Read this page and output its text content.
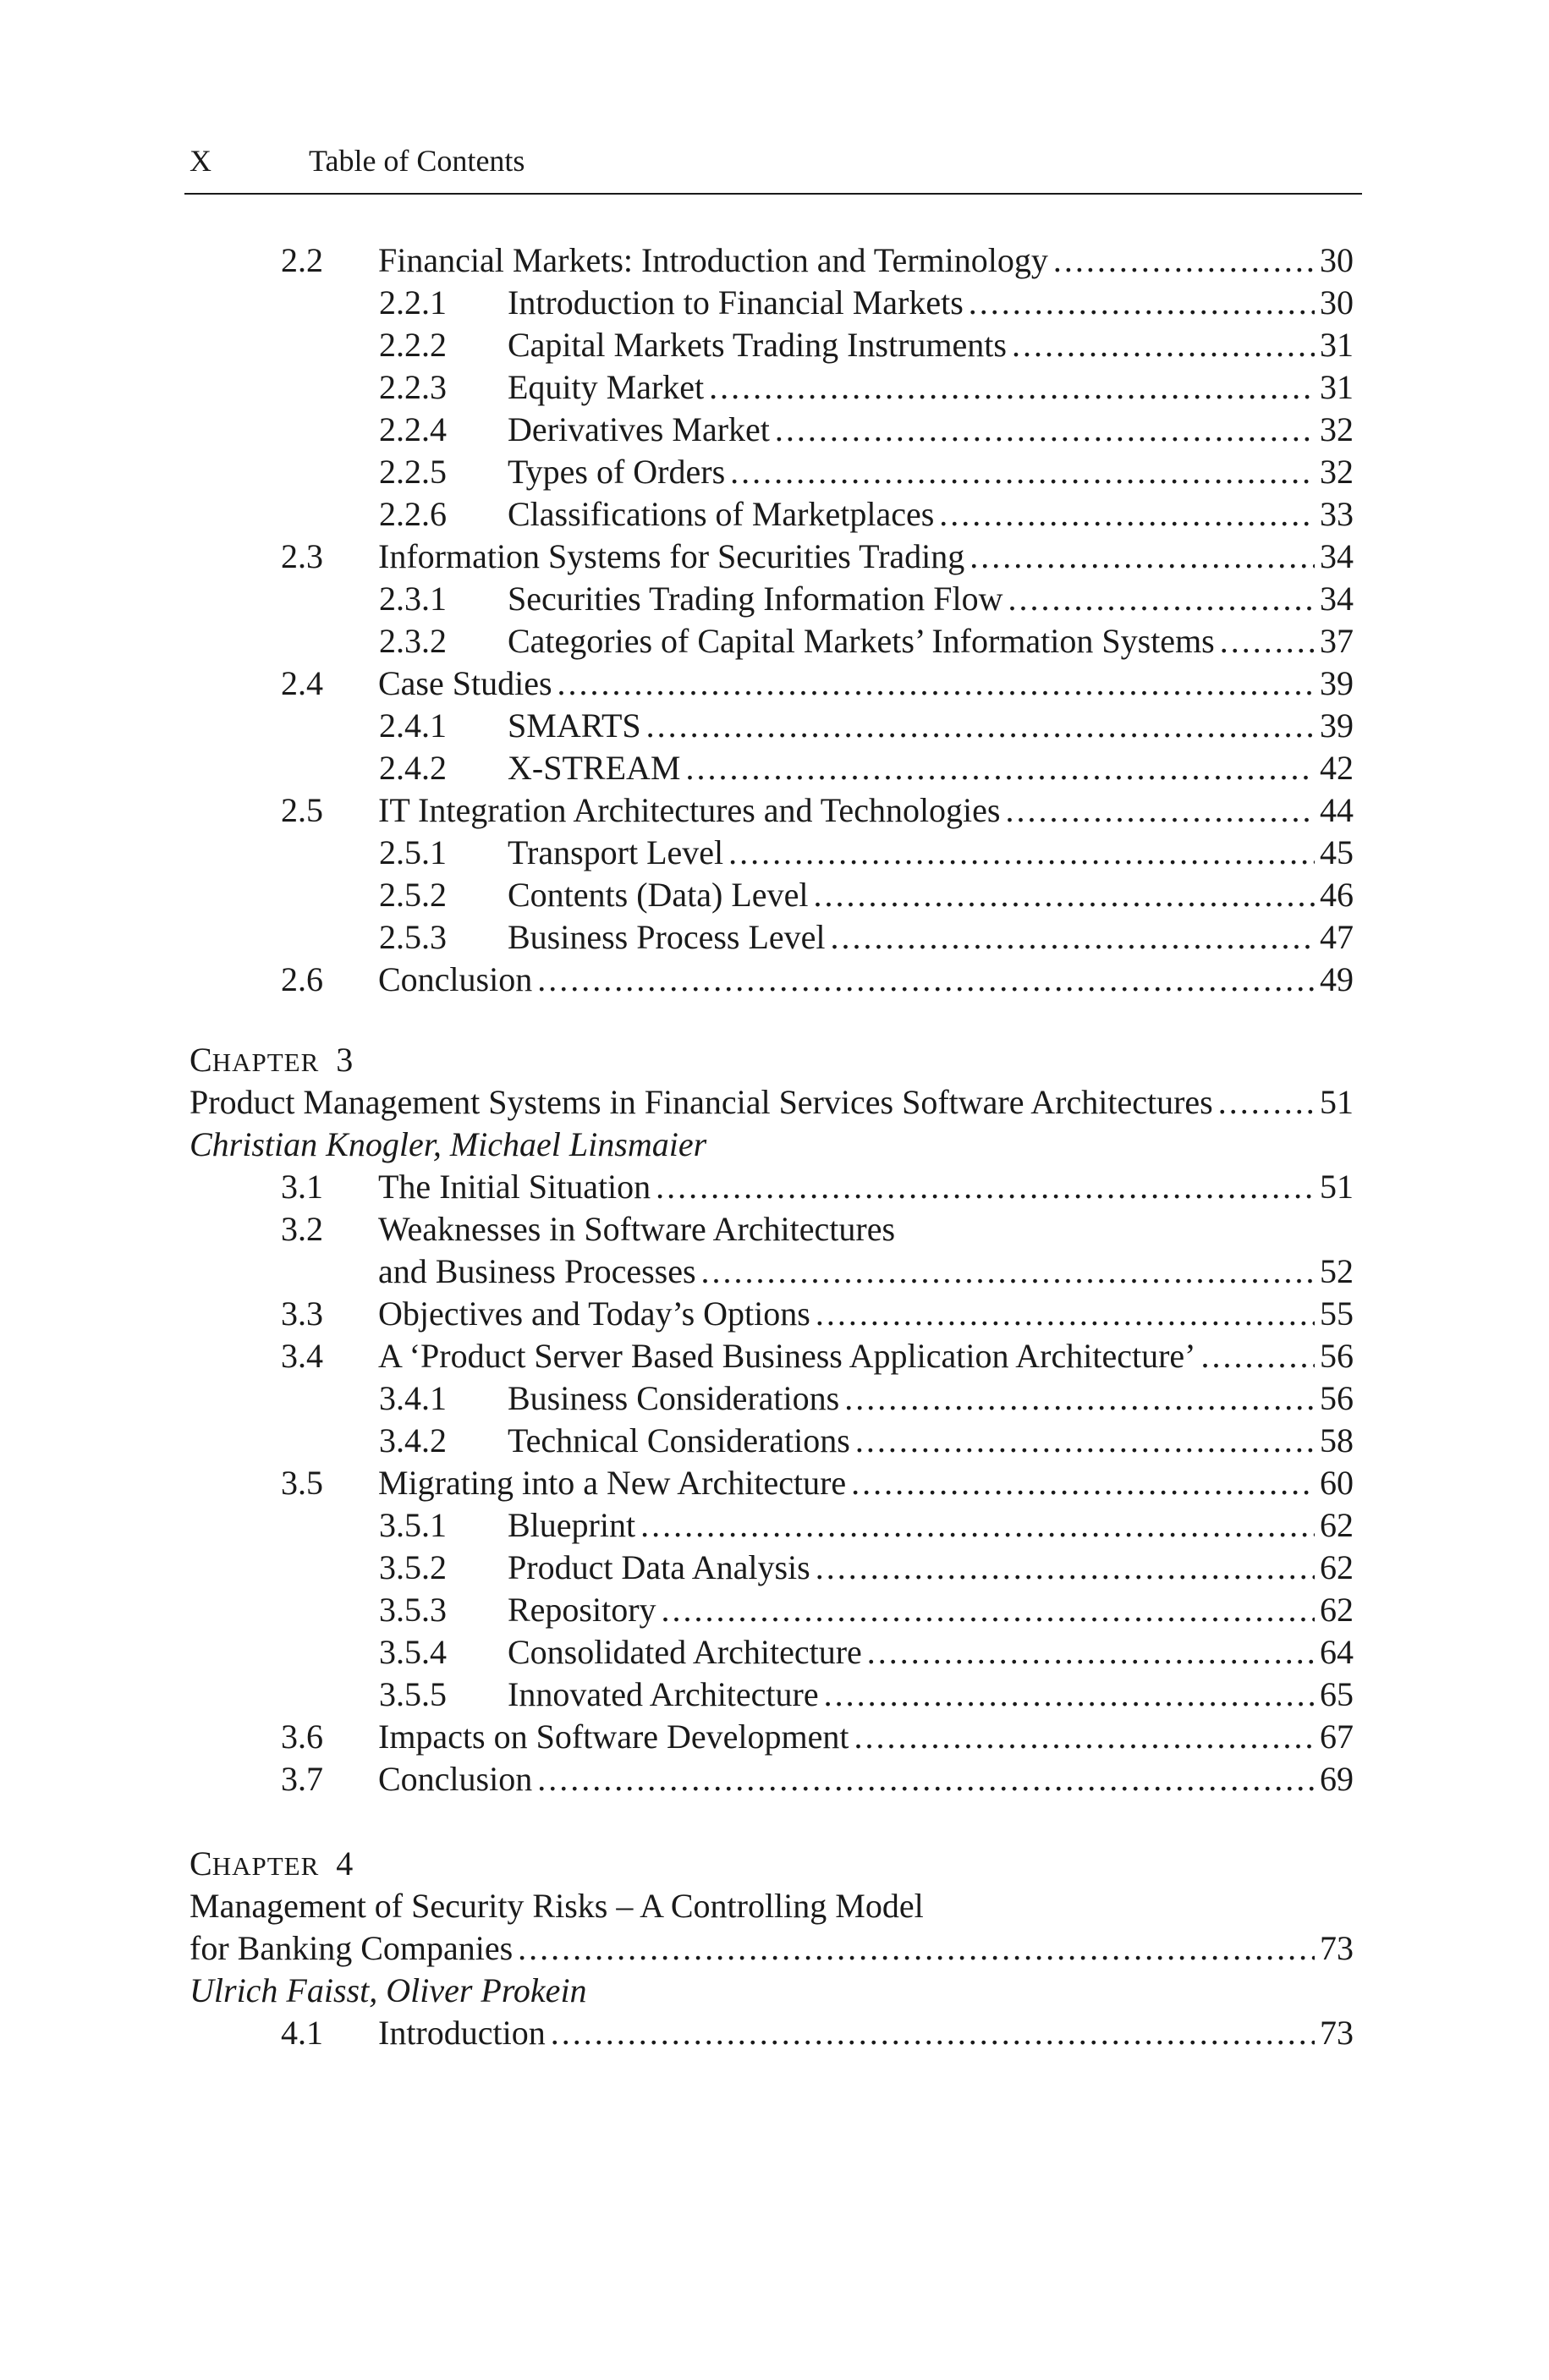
X	Table of Contents
2.2 Financial Markets: Introduction and Terminology .....	30
2.2.1 Introduction to Financial Markets .....	30
2.2.2 Capital Markets Trading Instruments .....	31
2.2.3 Equity Market .....	31
2.2.4 Derivatives Market .....	32
2.2.5 Types of Orders .....	32
2.2.6 Classifications of Marketplaces .....	33
2.3 Information Systems for Securities Trading .....	34
2.3.1 Securities Trading Information Flow .....	34
2.3.2 Categories of Capital Markets’ Information Systems .....	37
2.4 Case Studies .....	39
2.4.1 SMARTS .....	39
2.4.2 X-STREAM .....	42
2.5 IT Integration Architectures and Technologies .....	44
2.5.1 Transport Level .....	45
2.5.2 Contents (Data) Level .....	46
2.5.3 Business Process Level .....	47
2.6 Conclusion .....	49
CHAPTER 3
Product Management Systems in Financial Services Software Architectures .....	51
Christian Knogler, Michael Linsmaier
3.1 The Initial Situation .....	51
3.2 Weaknesses in Software Architectures
and Business Processes .....	52
3.3 Objectives and Today’s Options .....	55
3.4 A ‘Product Server Based Business Application Architecture’ .....	56
3.4.1 Business Considerations .....	56
3.4.2 Technical Considerations .....	58
3.5 Migrating into a New Architecture .....	60
3.5.1 Blueprint .....	62
3.5.2 Product Data Analysis .....	62
3.5.3 Repository .....	62
3.5.4 Consolidated Architecture .....	64
3.5.5 Innovated Architecture .....	65
3.6 Impacts on Software Development .....	67
3.7 Conclusion .....	69
CHAPTER 4
Management of Security Risks – A Controlling Model
for Banking Companies .....	73
Ulrich Faisst, Oliver Prokein
4.1 Introduction .....	73
